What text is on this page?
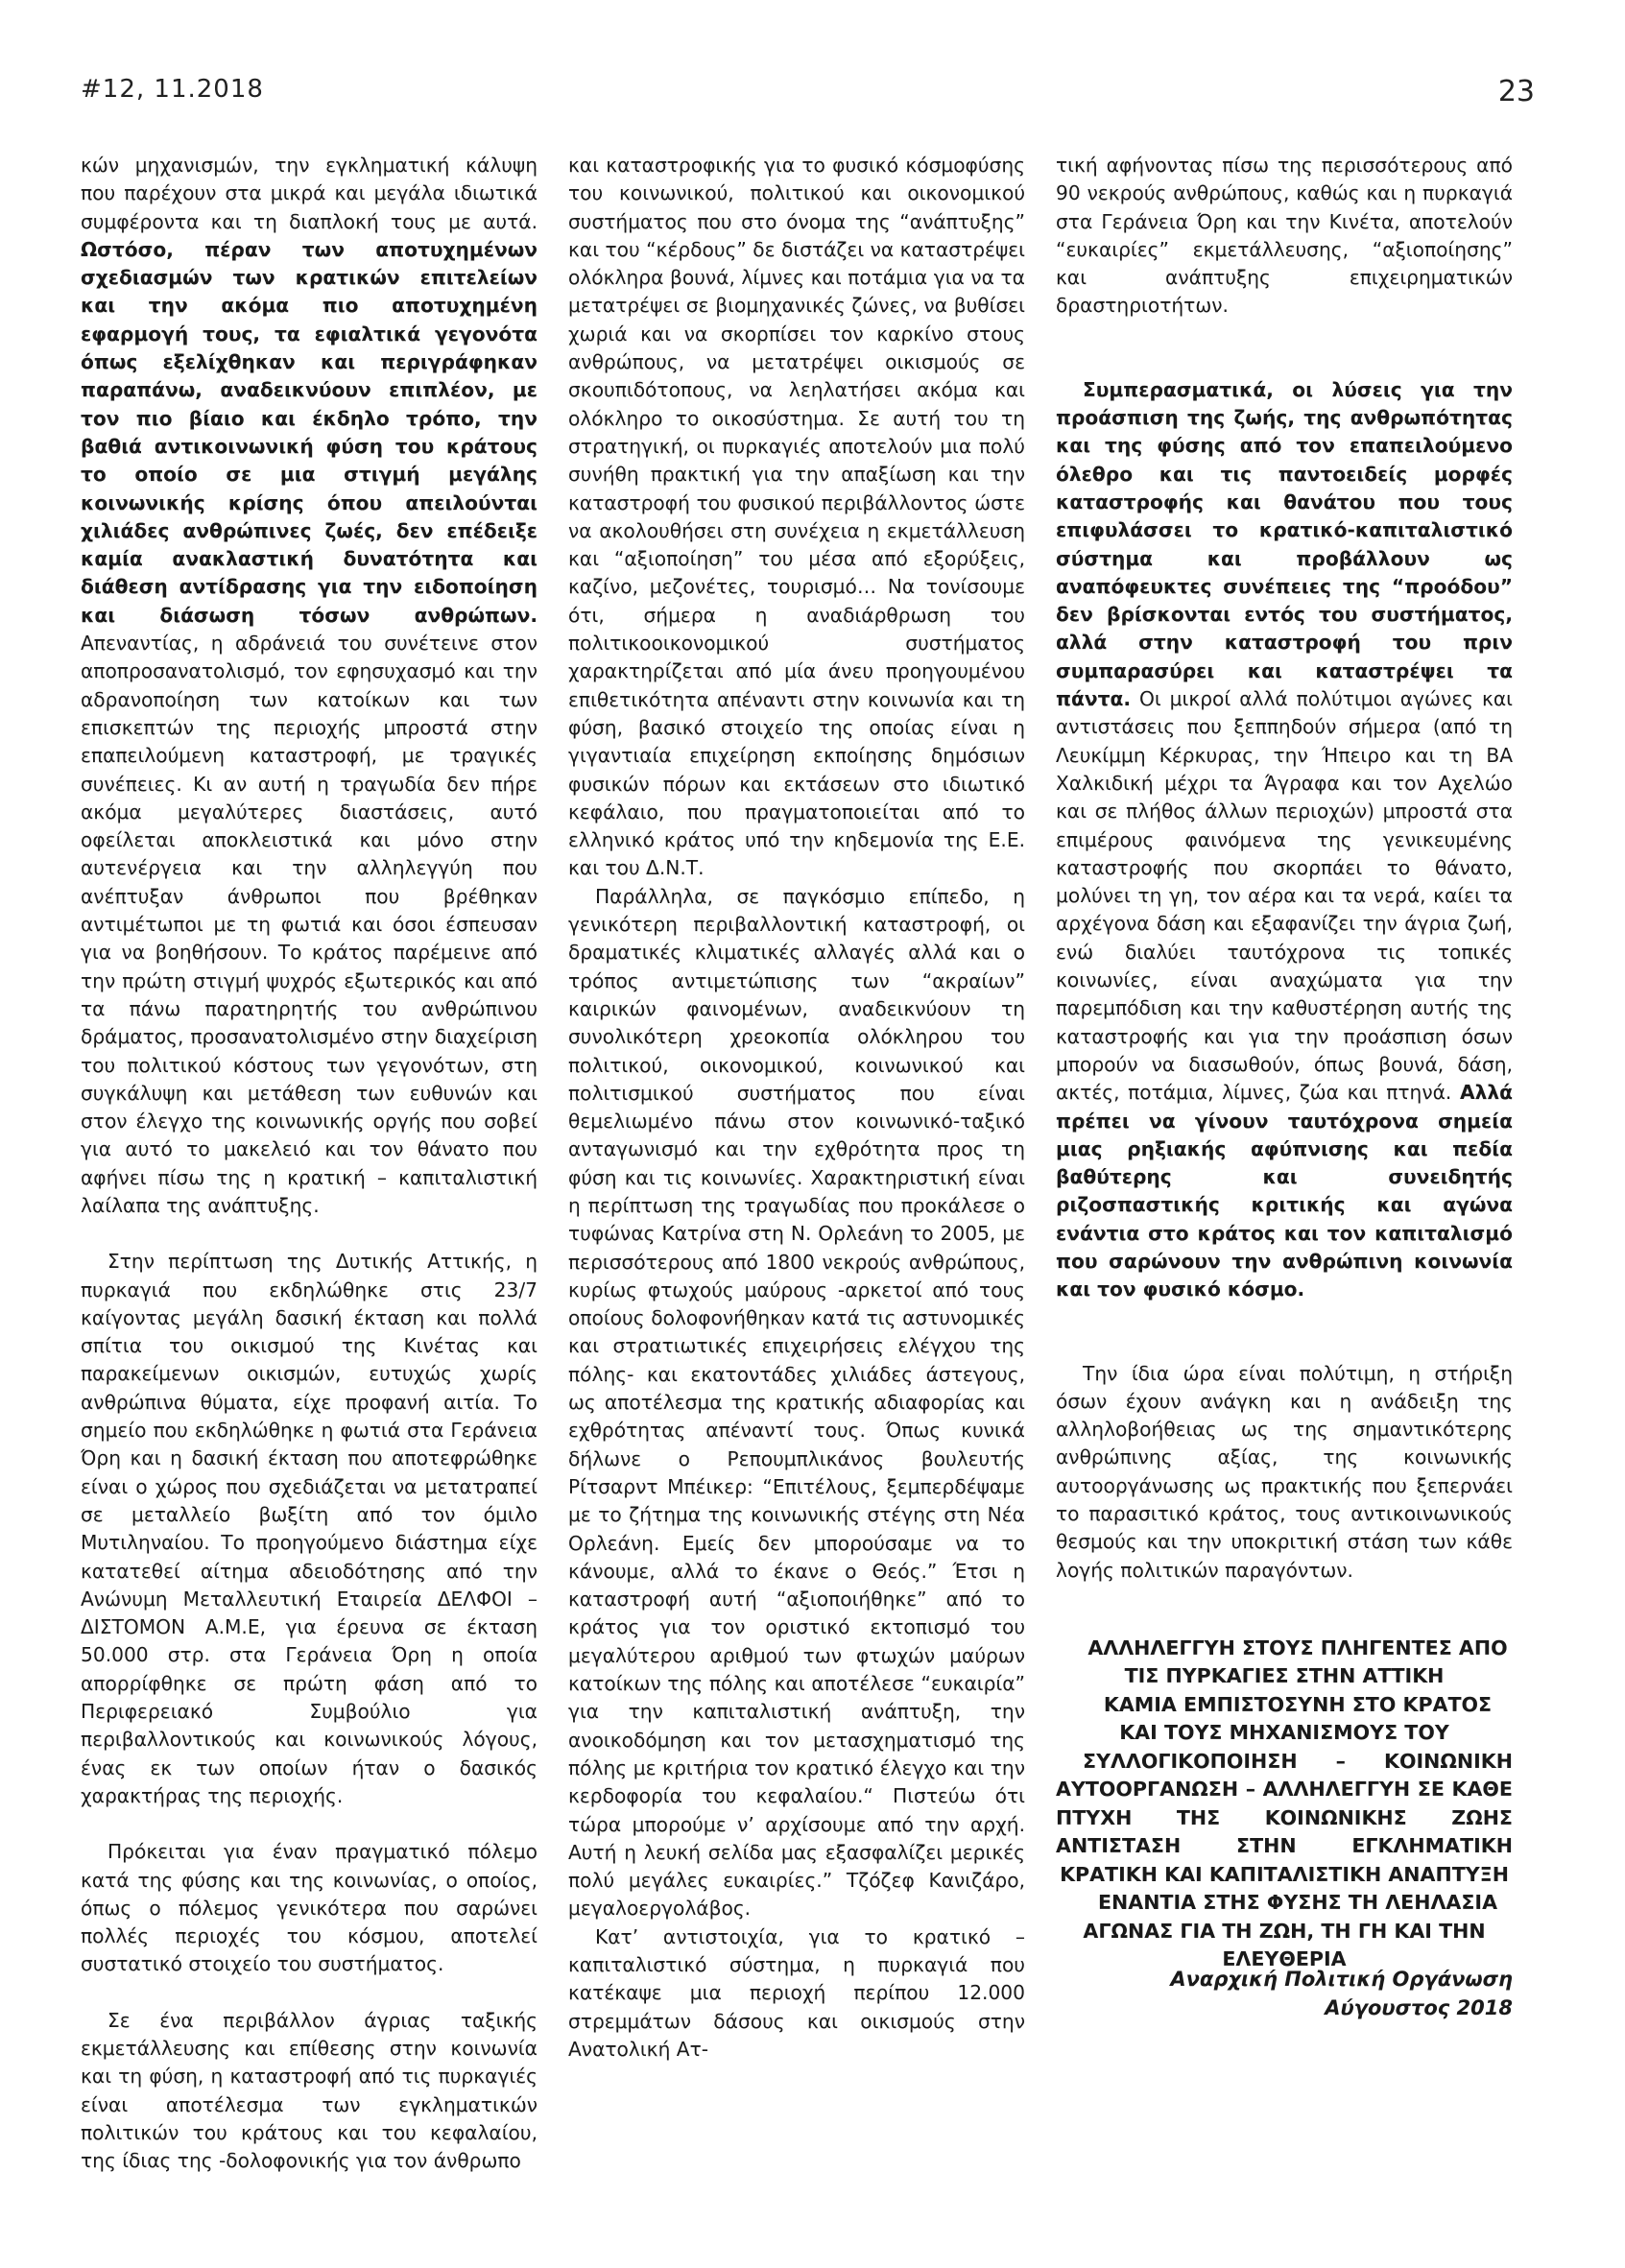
#12, 11.2018	23

κών μηχανισμών, την εγκληματική κάλυψη που παρέχουν στα μικρά και μεγάλα ιδιωτικά συμφέροντα και τη διαπλοκή τους με αυτά. Ωστόσο, πέραν των αποτυχημένων σχεδιασμών των κρατικών επιτελείων και την ακόμα πιο αποτυχημένη εφαρμογή τους, τα εφιαλτικά γεγονότα όπως εξελίχθηκαν και περιγράφηκαν παραπάνω, αναδεικνύουν επιπλέον, με τον πιο βίαιο και έκδηλο τρόπο, την βαθιά αντικοινωνική φύση του κράτους το οποίο σε μια στιγμή μεγάλης κοινωνικής κρίσης όπου απειλούνται χιλιάδες ανθρώπινες ζωές, δεν επέδειξε καμία ανακλαστική δυνατότητα και διάθεση αντίδρασης για την ειδοποίηση και διάσωση τόσων ανθρώπων. Απεναντίας, η αδράνειά του συνέτεινε στον αποπροσανατολισμό, τον εφησυχασμό και την αδρανοποίηση των κατοίκων και των επισκεπτών της περιοχής μπροστά στην επαπειλούμενη καταστροφή, με τραγικές συνέπειες. Κι αν αυτή η τραγωδία δεν πήρε ακόμα μεγαλύτερες διαστάσεις, αυτό οφείλεται αποκλειστικά και μόνο στην αυτενέργεια και την αλληλεγγύη που ανέπτυξαν άνθρωποι που βρέθηκαν αντιμέτωποι με τη φωτιά και όσοι έσπευσαν για να βοηθήσουν. Το κράτος παρέμεινε από την πρώτη στιγμή ψυχρός εξωτερικός και από τα πάνω παρατηρητής του ανθρώπινου δράματος, προσανατολισμένο στην διαχείριση του πολιτικού κόστους των γεγονότων, στη συγκάλυψη και μετάθεση των ευθυνών και στον έλεγχο της κοινωνικής οργής που σοβεί για αυτό το μακελειό και τον θάνατο που αφήνει πίσω της η κρατική – καπιταλιστική λαίλαπα της ανάπτυξης.

Στην περίπτωση της Δυτικής Αττικής, η πυρκαγιά που εκδηλώθηκε στις 23/7 καίγοντας μεγάλη δασική έκταση και πολλά σπίτια του οικισμού της Κινέτας και παρακείμενων οικισμών, ευτυχώς χωρίς ανθρώπινα θύματα, είχε προφανή αιτία. Το σημείο που εκδηλώθηκε η φωτιά στα Γεράνεια Όρη και η δασική έκταση που αποτεφρώθηκε είναι ο χώρος που σχεδιάζεται να μετατραπεί σε μεταλλείο βωξίτη από τον όμιλο Μυτιληναίου. Το προηγούμενο διάστημα είχε κατατεθεί αίτημα αδειοδότησης από την Ανώνυμη Μεταλλευτική Εταιρεία ΔΕΛΦΟΙ – ΔΙΣΤΟΜΟΝ Α.Μ.Ε, για έρευνα σε έκταση 50.000 στρ. στα Γεράνεια Όρη η οποία απορρίφθηκε σε πρώτη φάση από το Περιφερειακό Συμβούλιο για περιβαλλοντικούς και κοινωνικούς λόγους, ένας εκ των οποίων ήταν ο δασικός χαρακτήρας της περιοχής.

Πρόκειται για έναν πραγματικό πόλεμο κατά της φύσης και της κοινωνίας, ο οποίος, όπως ο πόλεμος γενικότερα που σαρώνει πολλές περιοχές του κόσμου, αποτελεί συστατικό στοιχείο του συστήματος.

Σε ένα περιβάλλον άγριας ταξικής εκμετάλλευσης και επίθεσης στην κοινωνία και τη φύση, η καταστροφή από τις πυρκαγιές είναι αποτέλεσμα των εγκληματικών πολιτικών του κράτους και του κεφαλαίου, της ίδιας της -δολοφονικής για τον άνθρωπο

και καταστροφικής για το φυσικό κόσμοφύσης του κοινωνικού, πολιτικού και οικονομικού συστήματος που στο όνομα της “ανάπτυξης” και του “κέρδους” δε διστάζει να καταστρέψει ολόκληρα βουνά, λίμνες και ποτάμια για να τα μετατρέψει σε βιομηχανικές ζώνες, να βυθίσει χωριά και να σκορπίσει τον καρκίνο στους ανθρώπους, να μετατρέψει οικισμούς σε σκουπιδότοπους, να λεηλατήσει ακόμα και ολόκληρο το οικοσύστημα. Σε αυτή του τη στρατηγική, οι πυρκαγιές αποτελούν μια πολύ συνήθη πρακτική για την απαξίωση και την καταστροφή του φυσικού περιβάλλοντος ώστε να ακολουθήσει στη συνέχεια η εκμετάλλευση και “αξιοποίηση” του μέσα από εξορύξεις, καζίνο, μεζονέτες, τουρισμό… Να τονίσουμε ότι, σήμερα η αναδιάρθρωση του πολιτικοοικονομικού συστήματος χαρακτηρίζεται από μία άνευ προηγουμένου επιθετικότητα απέναντι στην κοινωνία και τη φύση, βασικό στοιχείο της οποίας είναι η γιγαντιαία επιχείρηση εκποίησης δημόσιων φυσικών πόρων και εκτάσεων στο ιδιωτικό κεφάλαιο, που πραγματοποιείται από το ελληνικό κράτος υπό την κηδεμονία της Ε.Ε. και του Δ.Ν.Τ.

Παράλληλα, σε παγκόσμιο επίπεδο, η γενικότερη περιβαλλοντική καταστροφή, οι δραματικές κλιματικές αλλαγές αλλά και ο τρόπος αντιμετώπισης των “ακραίων” καιρικών φαινομένων, αναδεικνύουν τη συνολικότερη χρεοκοπία ολόκληρου του πολιτικού, οικονομικού, κοινωνικού και πολιτισμικού συστήματος που είναι θεμελιωμένο πάνω στον κοινωνικό-ταξικό ανταγωνισμό και την εχθρότητα προς τη φύση και τις κοινωνίες. Χαρακτηριστική είναι η περίπτωση της τραγωδίας που προκάλεσε ο τυφώνας Κατρίνα στη Ν. Ορλεάνη το 2005, με περισσότερους από 1800 νεκρούς ανθρώπους, κυρίως φτωχούς μαύρους -αρκετοί από τους οποίους δολοφονήθηκαν κατά τις αστυνομικές και στρατιωτικές επιχειρήσεις ελέγχου της πόλης- και εκατοντάδες χιλιάδες άστεγους, ως αποτέλεσμα της κρατικής αδιαφορίας και εχθρότητας απέναντί τους. Όπως κυνικά δήλωνε ο Ρεπουμπλικάνος βουλευτής Ρίτσαρντ Μπέικερ: “Επιτέλους, ξεμπερδέψαμε με το ζήτημα της κοινωνικής στέγης στη Νέα Ορλεάνη. Εμείς δεν μπορούσαμε να το κάνουμε, αλλά το έκανε ο Θεός.” Έτσι η καταστροφή αυτή “αξιοποιήθηκε” από το κράτος για τον οριστικό εκτοπισμό του μεγαλύτερου αριθμού των φτωχών μαύρων κατοίκων της πόλης και αποτέλεσε “ευκαιρία” για την καπιταλιστική ανάπτυξη, την ανοικοδόμηση και τον μετασχηματισμό της πόλης με κριτήρια τον κρατικό έλεγχο και την κερδοφορία του κεφαλαίου.“ Πιστεύω ότι τώρα μπορούμε ν’ αρχίσουμε από την αρχή. Αυτή η λευκή σελίδα μας εξασφαλίζει μερικές πολύ μεγάλες ευκαιρίες.” Τζόζεφ Κανιζάρο, μεγαλοεργολάβος.

Κατ’ αντιστοιχία, για το κρατικό – καπιταλιστικό σύστημα, η πυρκαγιά που κατέκαψε μια περιοχή περίπου 12.000 στρεμμάτων δάσους και οικισμούς στην Ανατολική Ατ-

τική αφήνοντας πίσω της περισσότερους από 90 νεκρούς ανθρώπους, καθώς και η πυρκαγιά στα Γεράνεια Όρη και την Κινέτα, αποτελούν “ευκαιρίες” εκμετάλλευσης, “αξιοποίησης” και ανάπτυξης επιχειρηματικών δραστηριοτήτων.

Συμπερασματικά, οι λύσεις για την προάσπιση της ζωής, της ανθρωπότητας και της φύσης από τον επαπειλούμενο όλεθρο και τις παντοειδείς μορφές καταστροφής και θανάτου που τους επιφυλάσσει το κρατικό-καπιταλιστικό σύστημα και προβάλλουν ως αναπόφευκτες συνέπειες της “προόδου” δεν βρίσκονται εντός του συστήματος, αλλά στην καταστροφή του πριν συμπαρασύρει και καταστρέψει τα πάντα. Οι μικροί αλλά πολύτιμοι αγώνες και αντιστάσεις που ξεππηδούν σήμερα (από τη Λευκίμμη Κέρκυρας, την Ήπειρο και τη ΒΑ Χαλκιδική μέχρι τα Άγραφα και τον Αχελώο και σε πλήθος άλλων περιοχών) μπροστά στα επιμέρους φαινόμενα της γενικευμένης καταστροφής που σκορπάει το θάνατο, μολύνει τη γη, τον αέρα και τα νερά, καίει τα αρχέγονα δάση και εξαφανίζει την άγρια ζωή, ενώ διαλύει ταυτόχρονα τις τοπικές κοινωνίες, είναι αναχώματα για την παρεμπόδιση και την καθυστέρηση αυτής της καταστροφής και για την προάσπιση όσων μπορούν να διασωθούν, όπως βουνά, δάση, ακτές, ποτάμια, λίμνες, ζώα και πτηνά. Αλλά πρέπει να γίνουν ταυτόχρονα σημεία μιας ρηξιακής αφύπνισης και πεδία βαθύτερης και συνειδητής ριζοσπαστικής κριτικής και αγώνα ενάντια στο κράτος και τον καπιταλισμό που σαρώνουν την ανθρώπινη κοινωνία και τον φυσικό κόσμο.

Την ίδια ώρα είναι πολύτιμη, η στήριξη όσων έχουν ανάγκη και η ανάδειξη της αλληλοβοήθειας ως της σημαντικότερης ανθρώπινης αξίας, της κοινωνικής αυτοοργάνωσης ως πρακτικής που ξεπερνάει το παρασιτικό κράτος, τους αντικοινωνικούς θεσμούς και την υποκριτική στάση των κάθε λογής πολιτικών παραγόντων.

ΑΛΛΗΛΕΓΓΥΗ ΣΤΟΥΣ ΠΛΗΓΕΝΤΕΣ ΑΠΟ ΤΙΣ ΠΥΡΚΑΓΙΕΣ ΣΤΗΝ ΑΤΤΙΚΗ

ΚΑΜΙΑ ΕΜΠΙΣΤΟΣΥΝΗ ΣΤΟ ΚΡΑΤΟΣ ΚΑΙ ΤΟΥΣ ΜΗΧΑΝΙΣΜΟΥΣ ΤΟΥ

ΣΥΛΛΟΓΙΚΟΠΟΙΗΣΗ – ΚΟΙΝΩΝΙΚΗ ΑΥΤΟΟΡΓΑΝΩΣΗ – ΑΛΛΗΛΕΓΓΥΗ ΣΕ ΚΑΘΕ ΠΤΥΧΗ ΤΗΣ ΚΟΙΝΩΝΙΚΗΣ ΖΩΗΣ ΑΝΤΙΣΤΑΣΗ ΣΤΗΝ ΕΓΚΛΗΜΑΤΙΚΗ ΚΡΑΤΙΚΗ ΚΑΙ ΚΑΠΙΤΑΛΙΣΤΙΚΗ ΑΝΑΠΤΥΞΗ

ΕΝΑΝΤΙΑ ΣΤΗΣ ΦΥΣΗΣ ΤΗ ΛΕΗΛΑΣΙΑ ΑΓΩΝΑΣ ΓΙΑ ΤΗ ΖΩΗ, ΤΗ ΓΗ ΚΑΙ ΤΗΝ ΕΛΕΥΘΕΡΙΑ

Αναρχική Πολιτική Οργάνωση
Αύγουστος 2018
